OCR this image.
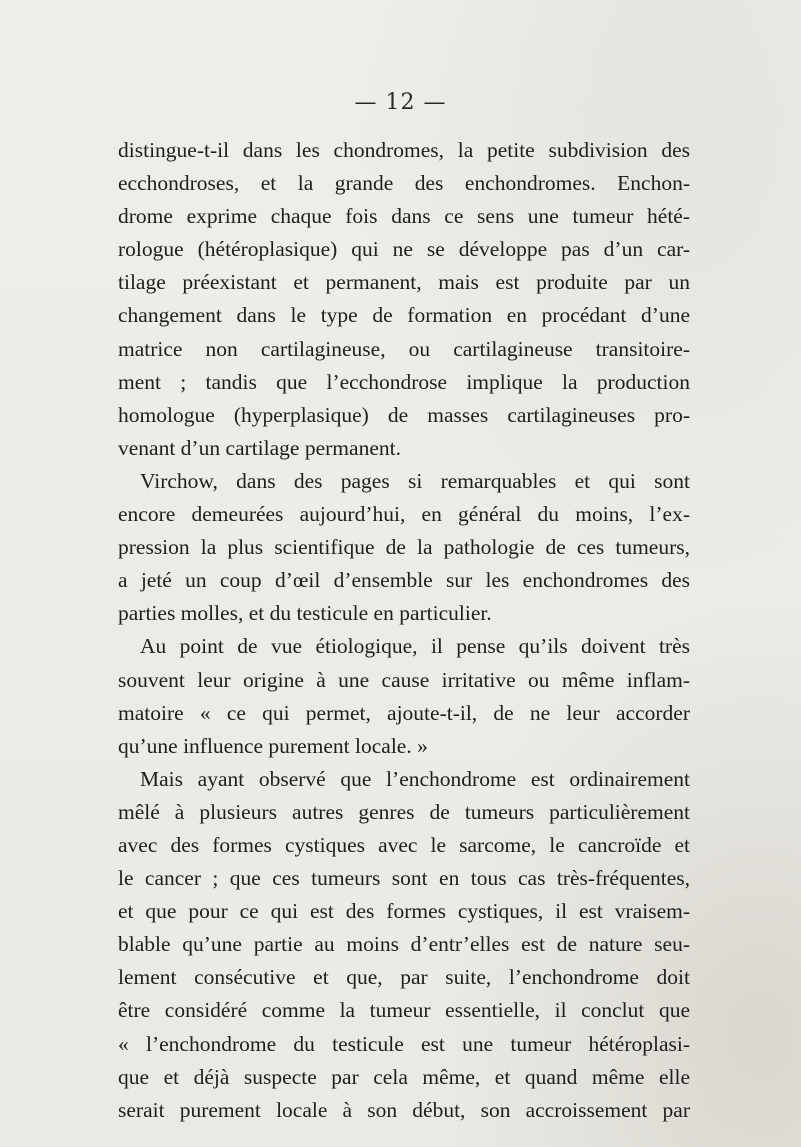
— 12 —
distingue-t-il dans les chondromes, la petite subdivision des
ecchondroses, et la grande des enchondromes. Enchon-
drome exprime chaque fois dans ce sens une tumeur hété-
rologue (hétéroplasique) qui ne se développe pas d’un car-
tilage préexistant et permanent, mais est produite par un
changement dans le type de formation en procédant d’une
matrice non cartilagineuse, ou cartilagineuse transitoire-
ment ; tandis que l’ecchondrose implique la production
homologue (hyperplasique) de masses cartilagineuses pro-
venant d’un cartilage permanent.
Virchow, dans des pages si remarquables et qui sont
encore demeurées aujourd’hui, en général du moins, l’ex-
pression la plus scientifique de la pathologie de ces tumeurs,
a jeté un coup d’œil d’ensemble sur les enchondromes des
parties molles, et du testicule en particulier.
Au point de vue étiologique, il pense qu’ils doivent très
souvent leur origine à une cause irritative ou même inflam-
matoire « ce qui permet, ajoute-t-il, de ne leur accorder
qu’une influence purement locale. »
Mais ayant observé que l’enchondrome est ordinairement
mêlé à plusieurs autres genres de tumeurs particulièrement
avec des formes cystiques avec le sarcome, le cancroïde et
le cancer ; que ces tumeurs sont en tous cas très-fréquentes,
et que pour ce qui est des formes cystiques, il est vraisem-
blable qu’une partie au moins d’entr’elles est de nature seu-
lement consécutive et que, par suite, l’enchondrome doit
être considéré comme la tumeur essentielle, il conclut que
« l’enchondrome du testicule est une tumeur hétéroplasi-
que et déjà suspecte par cela même, et quand même elle
serait purement locale à son début, son accroissement par
